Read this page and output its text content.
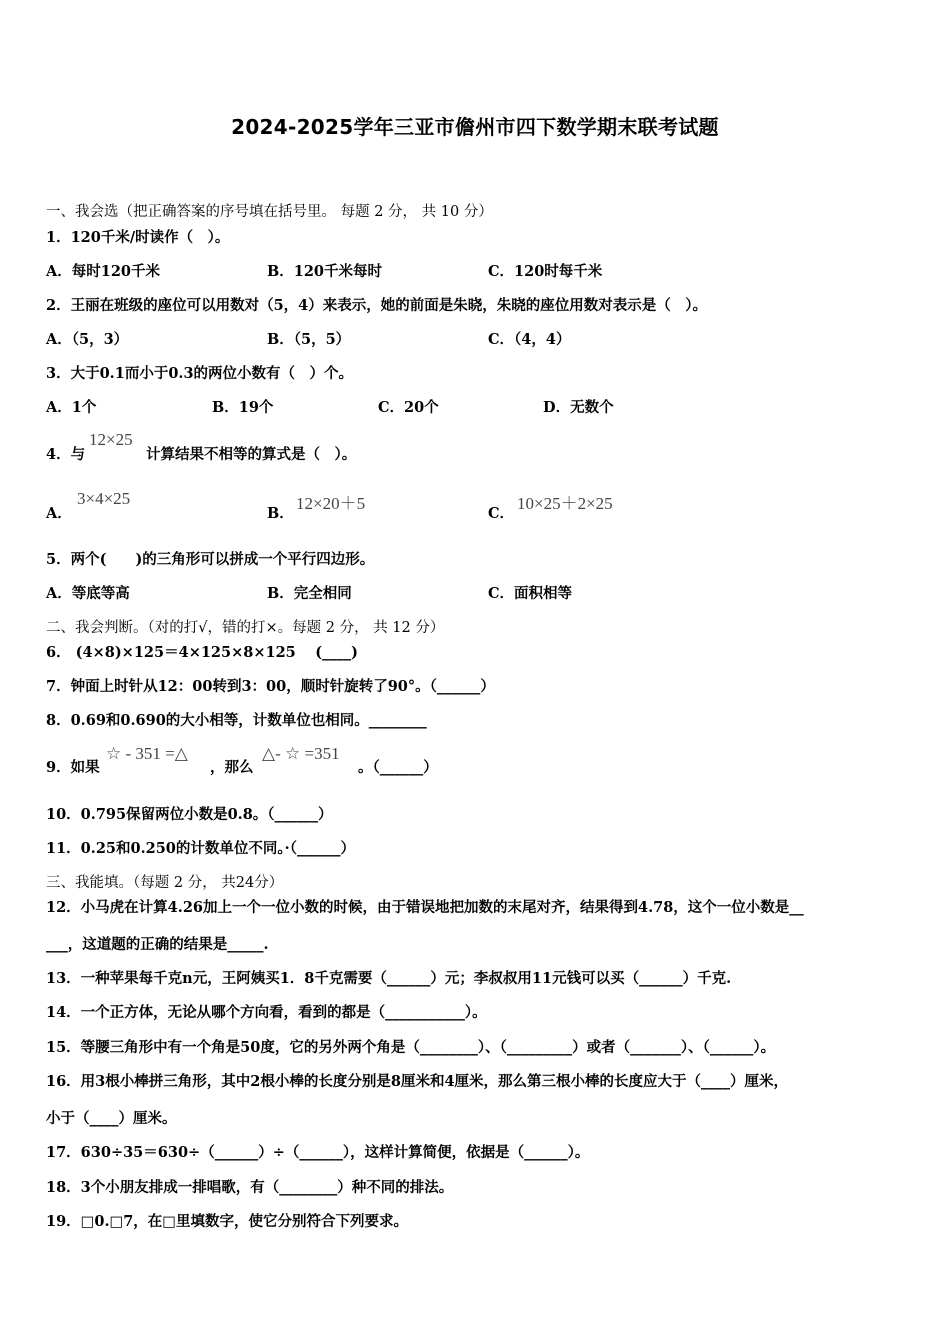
2024-2025学年三亚市儋州市四下数学期末联考试题
一、我会选（把正确答案的序号填在括号里。 每题 2 分， 共 10 分）
1．120千米/时读作（　）。
A．每时120千米	B．120千米每时	C．120时每千米
2．王丽在班级的座位可以用数对（5，4）来表示，她的前面是朱晓，朱晓的座位用数对表示是（　）。
A．（5，3）	B．（5，5）	C．（4，4）
3．大于0.1而小于0.3的两位小数有（　）个。
A．1个	B．19个	C．20个	D．无数个
4．与
12×25
计算结果不相等的算式是（　）。
A．
3×4×25
B．
12×20＋5
C．
10×25＋2×25
5．两个(　　)的三角形可以拼成一个平行四边形。
A．等底等高	B．完全相同	C．面积相等
二、我会判断。（对的打√，错的打×。每题 2 分， 共 12 分）
6． (4×8)×125＝4×125×8×125　 (____)
7．钟面上时针从12：00转到3：00，顺时针旋转了90°。（______）
8．0.69和0.690的大小相等，计数单位也相同。________
9．如果
☆ - 351 =△
，那么
△- ☆ =351
。（______）
10．0.795保留两位小数是0.8。（______）
11．0.25和0.250的计数单位不同。·（______）
三、我能填。（每题 2 分， 共24分）
12．小马虎在计算4.26加上一个一位小数的时候，由于错误地把加数的末尾对齐，结果得到4.78，这个一位小数是__
___，这道题的正确的结果是_____.
13．一种苹果每千克n元，王阿姨买1．8千克需要（______）元；李叔叔用11元钱可以买（______）千克.
14．一个正方体，无论从哪个方向看，看到的都是（___________）。
15．等腰三角形中有一个角是50度，它的另外两个角是（________）、（_________）或者（_______）、（______）。
16．用3根小棒拼三角形，其中2根小棒的长度分别是8厘米和4厘米，那么第三根小棒的长度应大于（____）厘米，
小于（____）厘米。
17．630÷35＝630÷（______）÷（______），这样计算简便，依据是（______）。
18．3个小朋友排成一排唱歌，有（________）种不同的排法。
19．□0.□7，在□里填数字，使它分别符合下列要求。
